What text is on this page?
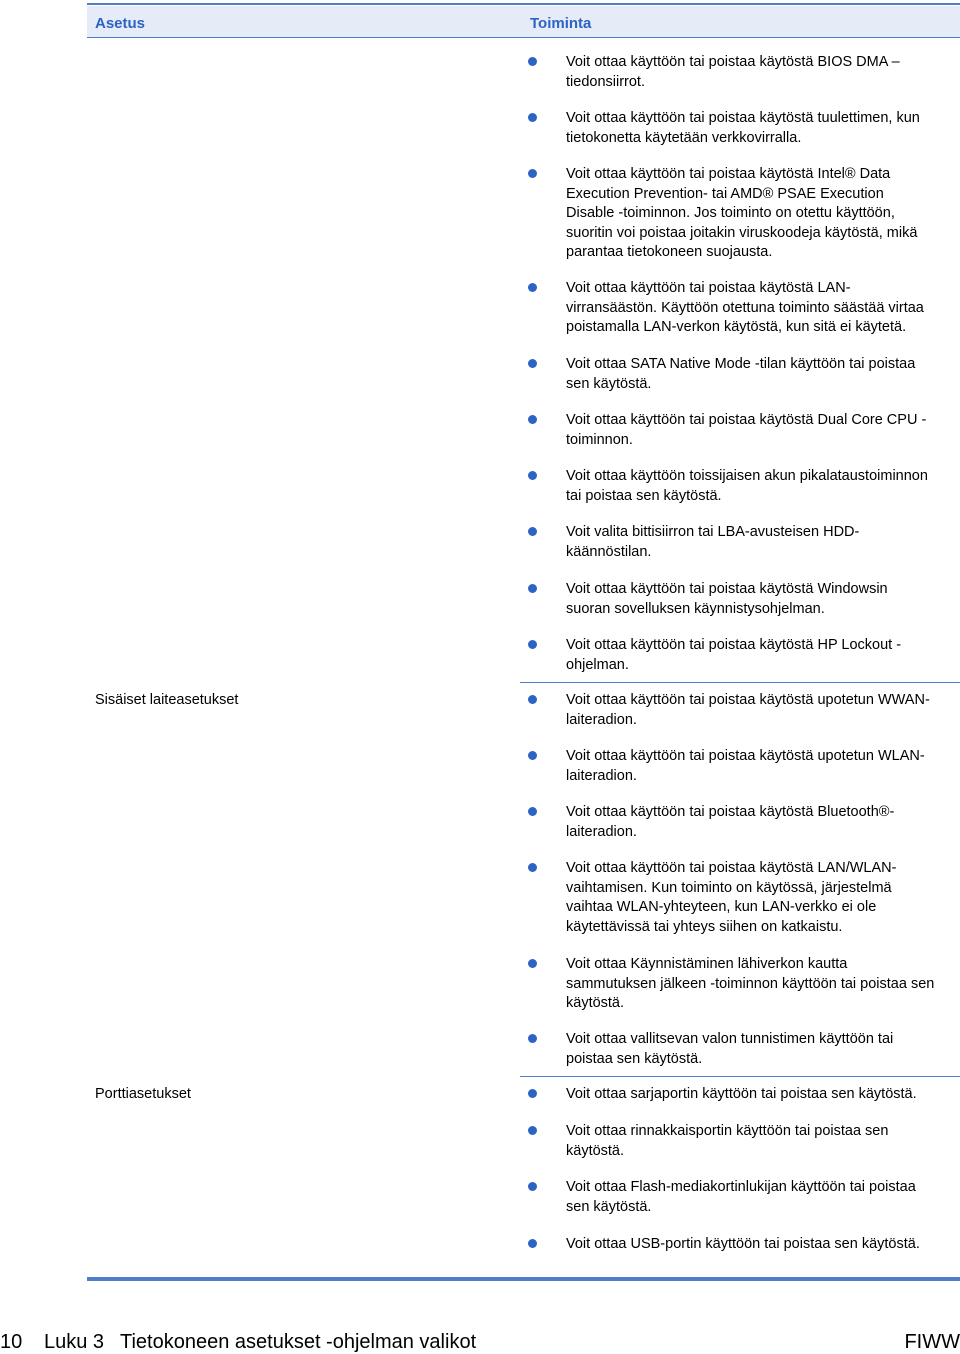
Asetus	Toiminta
Voit ottaa käyttöön tai poistaa käytöstä BIOS DMA –
tiedonsiirrot.
Voit ottaa käyttöön tai poistaa käytöstä tuulettimen, kun
tietokonetta käytetään verkkovirralla.
Voit ottaa käyttöön tai poistaa käytöstä Intel® Data
Execution Prevention- tai AMD® PSAE Execution
Disable -toiminnon. Jos toiminto on otettu käyttöön,
suoritin voi poistaa joitakin viruskoodeja käytöstä, mikä
parantaa tietokoneen suojausta.
Voit ottaa käyttöön tai poistaa käytöstä LAN-
virransäästön. Käyttöön otettuna toiminto säästää virtaa
poistamalla LAN-verkon käytöstä, kun sitä ei käytetä.
Voit ottaa SATA Native Mode -tilan käyttöön tai poistaa
sen käytöstä.
Voit ottaa käyttöön tai poistaa käytöstä Dual Core CPU -
toiminnon.
Voit ottaa käyttöön toissijaisen akun pikalataustoiminnon
tai poistaa sen käytöstä.
Voit valita bittisiirron tai LBA-avusteisen HDD-
käännöstilan.
Voit ottaa käyttöön tai poistaa käytöstä Windowsin
suoran sovelluksen käynnistysohjelman.
Voit ottaa käyttöön tai poistaa käytöstä HP Lockout -
ohjelman.
Sisäiset laiteasetukset	Voit ottaa käyttöön tai poistaa käytöstä upotetun WWAN-
laiteradion.
Voit ottaa käyttöön tai poistaa käytöstä upotetun WLAN-
laiteradion.
Voit ottaa käyttöön tai poistaa käytöstä Bluetooth®-
laiteradion.
Voit ottaa käyttöön tai poistaa käytöstä LAN/WLAN-
vaihtamisen. Kun toiminto on käytössä, järjestelmä
vaihtaa WLAN-yhteyteen, kun LAN-verkko ei ole
käytettävissä tai yhteys siihen on katkaistu.
Voit ottaa Käynnistäminen lähiverkon kautta
sammutuksen jälkeen -toiminnon käyttöön tai poistaa sen
käytöstä.
Voit ottaa vallitsevan valon tunnistimen käyttöön tai
poistaa sen käytöstä.
Porttiasetukset	Voit ottaa sarjaportin käyttöön tai poistaa sen käytöstä.
Voit ottaa rinnakkaisportin käyttöön tai poistaa sen
käytöstä.
Voit ottaa Flash-mediakortinlukijan käyttöön tai poistaa
sen käytöstä.
Voit ottaa USB-portin käyttöön tai poistaa sen käytöstä.
10 Luku 3 Tietokoneen asetukset -ohjelman valikot	FIWW
